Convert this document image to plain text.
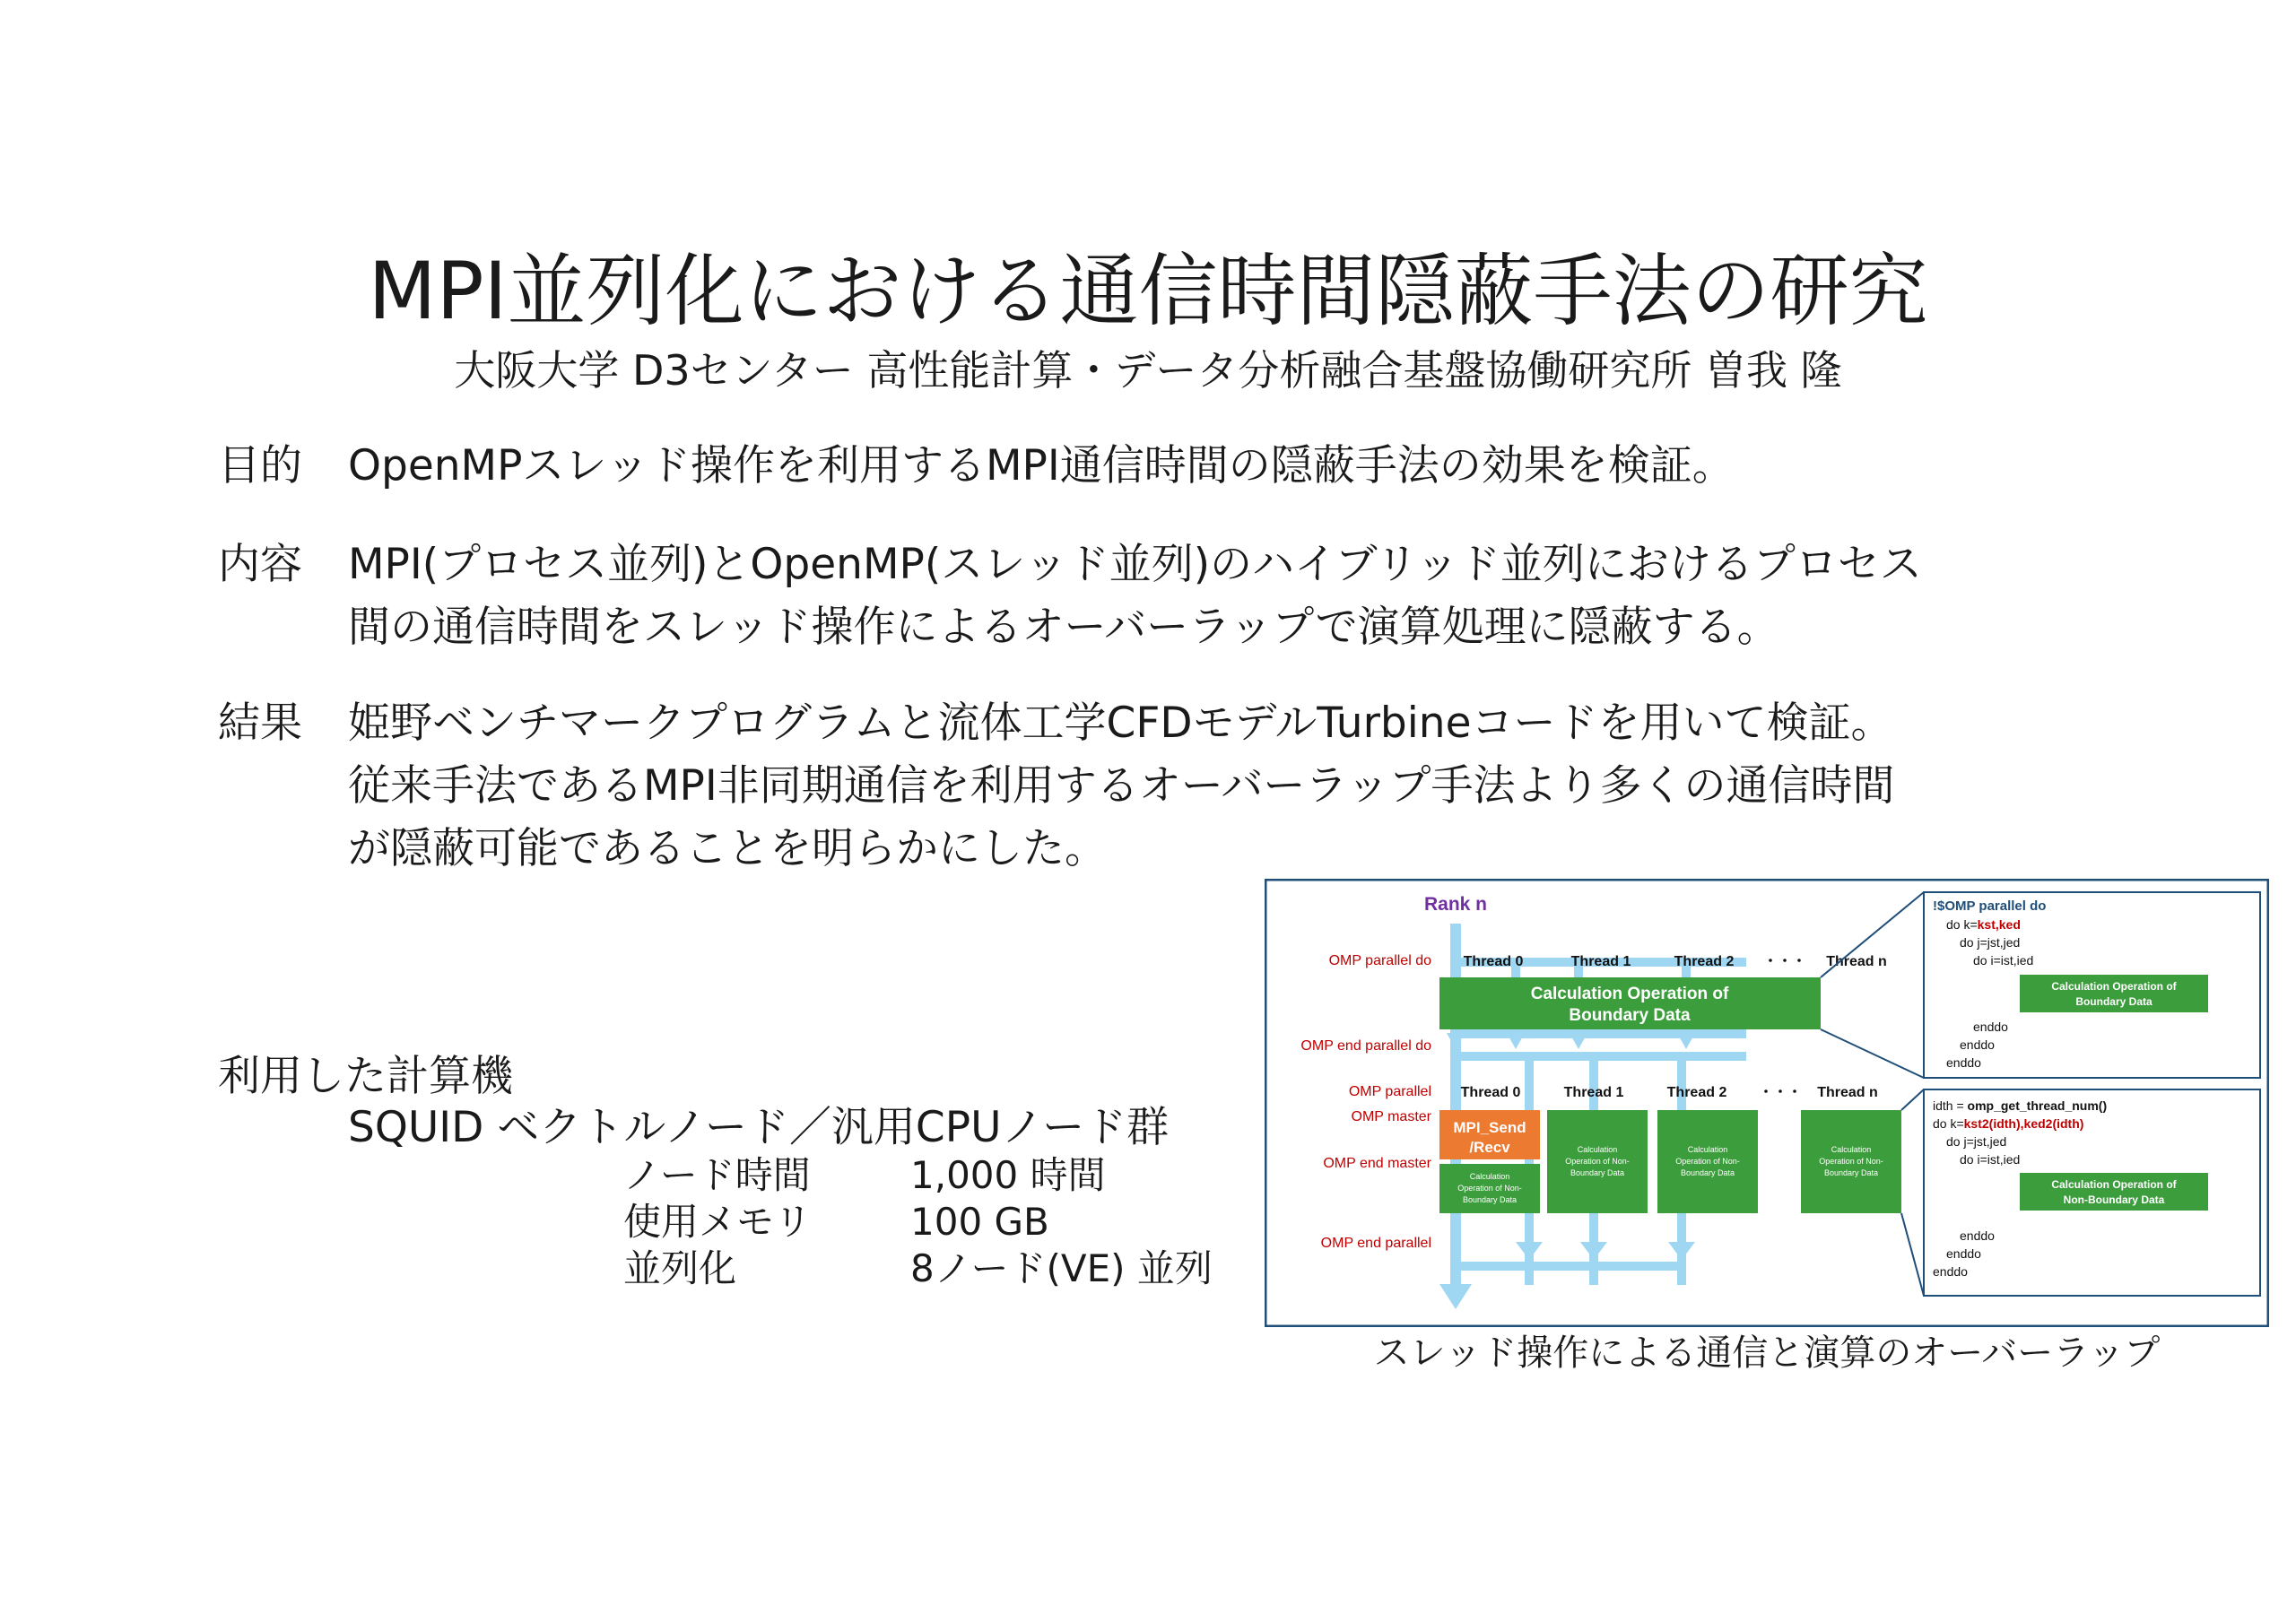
MPI並列化における通信時間隠蔽手法の研究
大阪大学 D3センター 高性能計算・データ分析融合基盤協働研究所 曽我 隆
目的 OpenMPスレッド操作を利用するMPI通信時間の隠蔽手法の効果を検証。
内容 MPI(プロセス並列)とOpenMP(スレッド並列)のハイブリッド並列におけるプロセス
間の通信時間をスレッド操作によるオーバーラップで演算処理に隠蔽する。
結果 姫野ベンチマークプログラムと流体工学CFDモデルTurbineコードを用いて検証。
従来手法であるMPI非同期通信を利用するオーバーラップ手法より多くの通信時間
が隠蔽可能であることを明らかにした。
利用した計算機
SQUID ベクトルノード／汎用CPUノード群
ノード時間	1,000 時間
使用メモリ	100 GB
並列化	8ノード(VE) 並列
Rank n
OMP parallel do
OMP end parallel do
OMP parallel
OMP master
OMP end master
OMP end parallel
Thread 0	Thread 1	Thread 2 ・・・ Thread n
Calculation Operation of
Boundary Data
Thread 0	Thread 1	Thread 2 ・・・ Thread n
MPI_Send
/Recv
Calculation
Operation of Non-
Boundary Data
Calculation
Operation of Non-
Boundary Data
Calculation
Operation of Non-
Boundary Data
Calculation
Operation of Non-
Boundary Data
!$OMP parallel do
do k=kst,ked
do j=jst,jed
do i=ist,ied
Calculation Operation of
Boundary Data
enddo
enddo
enddo
idth = omp_get_thread_num()
do k=kst2(idth),ked2(idth)
do j=jst,jed
do i=ist,ied
Calculation Operation of
Non-Boundary Data
enddo
enddo
enddo
スレッド操作による通信と演算のオーバーラップ
